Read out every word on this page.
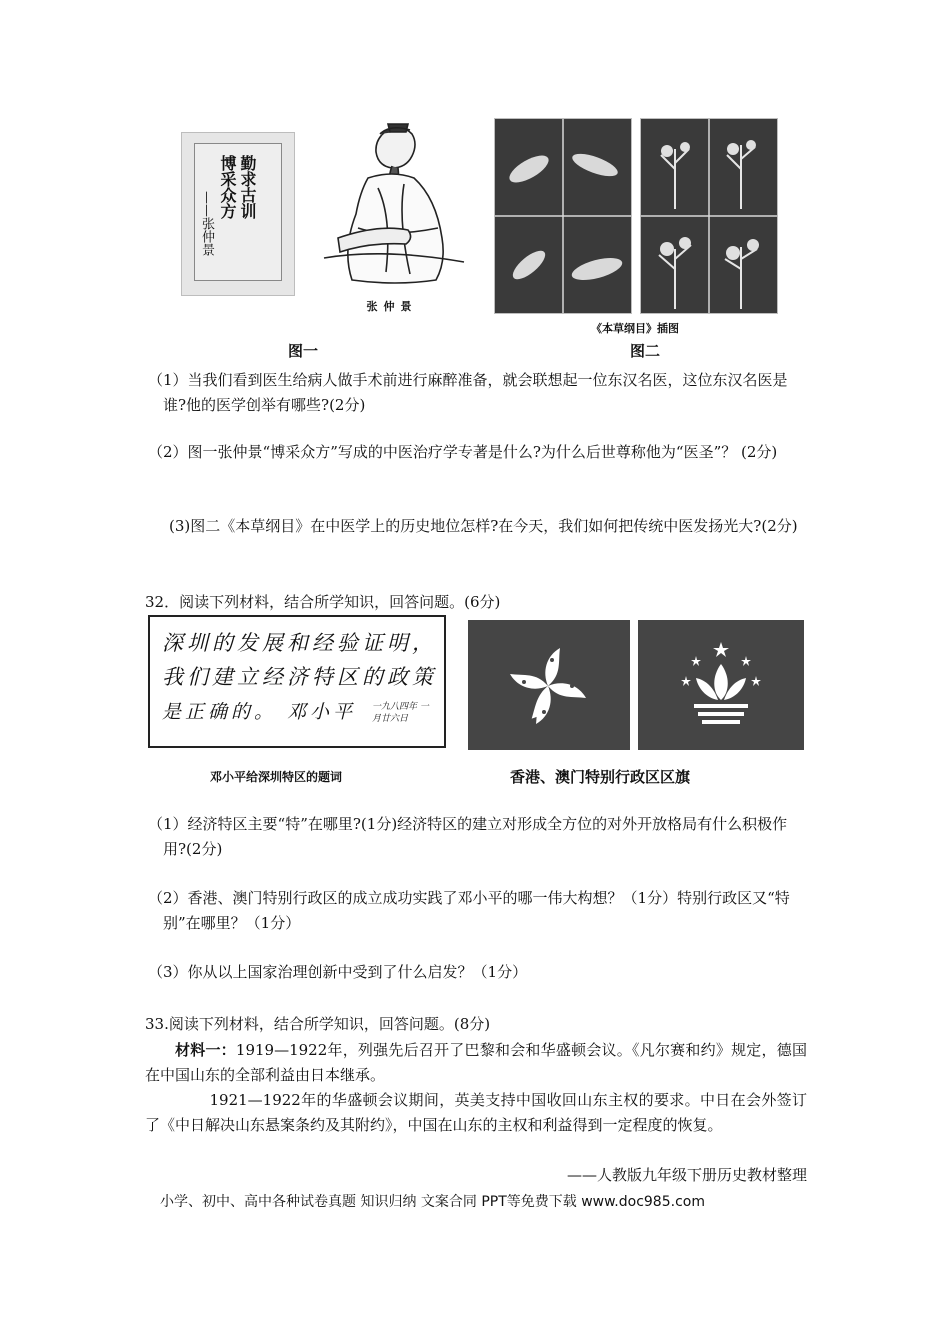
勤求古训
博采众方
——张仲景
张仲景
图一
《本草纲目》插图
图二
（1）当我们看到医生给病人做手术前进行麻醉准备，就会联想起一位东汉名医，这位东汉名医是谁?他的医学创举有哪些?(2分)
（2）图一张仲景“博采众方”写成的中医治疗学专著是什么?为什么后世尊称他为“医圣”？ (2分)
(3)图二《本草纲目》在中医学上的历史地位怎样?在今天，我们如何把传统中医发扬光大?(2分)
32．阅读下列材料，结合所学知识，回答问题。(6分)
深圳的发展和经验证明，
我们建立经济特区的政策
是正确的。 邓小平 一九八四年 一月廿六日
邓小平给深圳特区的题词	香港、澳门特别行政区区旗
（1）经济特区主要“特”在哪里?(1分)经济特区的建立对形成全方位的对外开放格局有什么积极作用?(2分)
（2）香港、澳门特别行政区的成立成功实践了邓小平的哪一伟大构想？（1分）特别行政区又“特别”在哪里？（1分）
（3）你从以上国家治理创新中受到了什么启发？（1分）
33.阅读下列材料，结合所学知识，回答问题。(8分)
材料一：1919—1922年，列强先后召开了巴黎和会和华盛顿会议。《凡尔赛和约》规定，德国在中国山东的全部利益由日本继承。
1921—1922年的华盛顿会议期间，英美支持中国收回山东主权的要求。中日在会外签订了《中日解决山东悬案条约及其附约》，中国在山东的主权和利益得到一定程度的恢复。
——人教版九年级下册历史教材整理
小学、初中、高中各种试卷真题 知识归纳 文案合同 PPT等免费下载 www.doc985.com
